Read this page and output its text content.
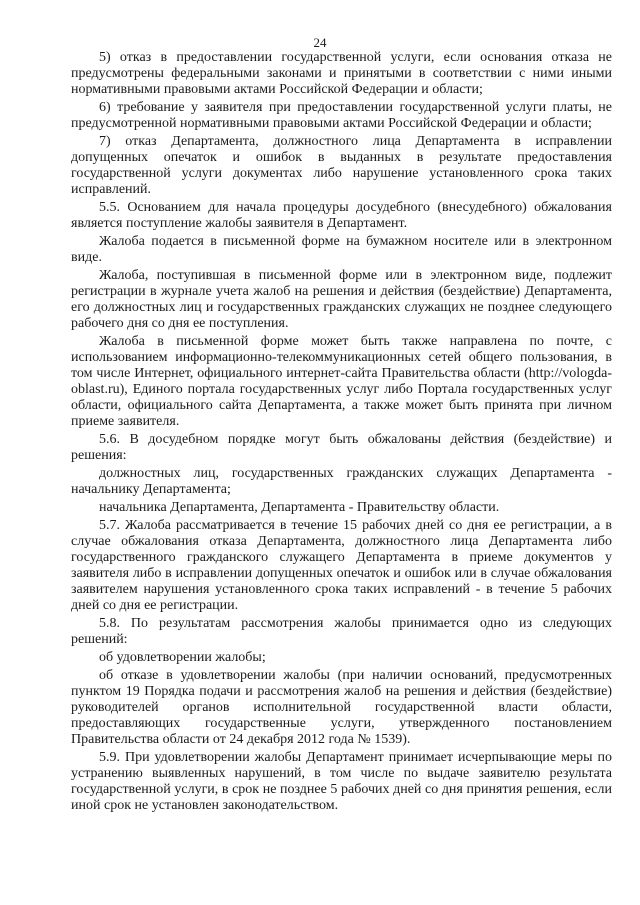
24

5) отказ в предоставлении государственной услуги, если основания отказа не предусмотрены федеральными законами и принятыми в соответствии с ними иными нормативными правовыми актами Российской Федерации и области;

6) требование у заявителя при предоставлении государственной услуги платы, не предусмотренной нормативными правовыми актами Российской Федерации и области;

7) отказ Департамента, должностного лица Департамента в исправлении допущенных опечаток и ошибок в выданных в результате предоставления государственной услуги документах либо нарушение установленного срока таких исправлений.

5.5. Основанием для начала процедуры досудебного (внесудебного) обжалования является поступление жалобы заявителя в Департамент.

Жалоба подается в письменной форме на бумажном носителе или в электронном виде.

Жалоба, поступившая в письменной форме или в электронном виде, подлежит регистрации в журнале учета жалоб на решения и действия (бездействие) Департамента, его должностных лиц и государственных гражданских служащих не позднее следующего рабочего дня со дня ее поступления.

Жалоба в письменной форме может быть также направлена по почте, с использованием информационно-телекоммуникационных сетей общего пользования, в том числе Интернет, официального интернет-сайта Правительства области (http://vologda-oblast.ru), Единого портала государственных услуг либо Портала государственных услуг области, официального сайта Департамента, а также может быть принята при личном приеме заявителя.

5.6. В досудебном порядке могут быть обжалованы действия (бездействие) и решения:

должностных лиц, государственных гражданских служащих Департамента - начальнику Департамента;

начальника Департамента, Департамента - Правительству области.

5.7. Жалоба рассматривается в течение 15 рабочих дней со дня ее регистрации, а в случае обжалования отказа Департамента, должностного лица Департамента либо государственного гражданского служащего Департамента в приеме документов у заявителя либо в исправлении допущенных опечаток и ошибок или в случае обжалования заявителем нарушения установленного срока таких исправлений - в течение 5 рабочих дней со дня ее регистрации.

5.8. По результатам рассмотрения жалобы принимается одно из следующих решений:

об удовлетворении жалобы;

об отказе в удовлетворении жалобы (при наличии оснований, предусмотренных пунктом 19 Порядка подачи и рассмотрения жалоб на решения и действия (бездействие) руководителей органов исполнительной государственной власти области, предоставляющих государственные услуги, утвержденного постановлением Правительства области от 24 декабря 2012 года № 1539).

5.9. При удовлетворении жалобы Департамент принимает исчерпывающие меры по устранению выявленных нарушений, в том числе по выдаче заявителю результата государственной услуги, в срок не позднее 5 рабочих дней со дня принятия решения, если иной срок не установлен законодательством.
